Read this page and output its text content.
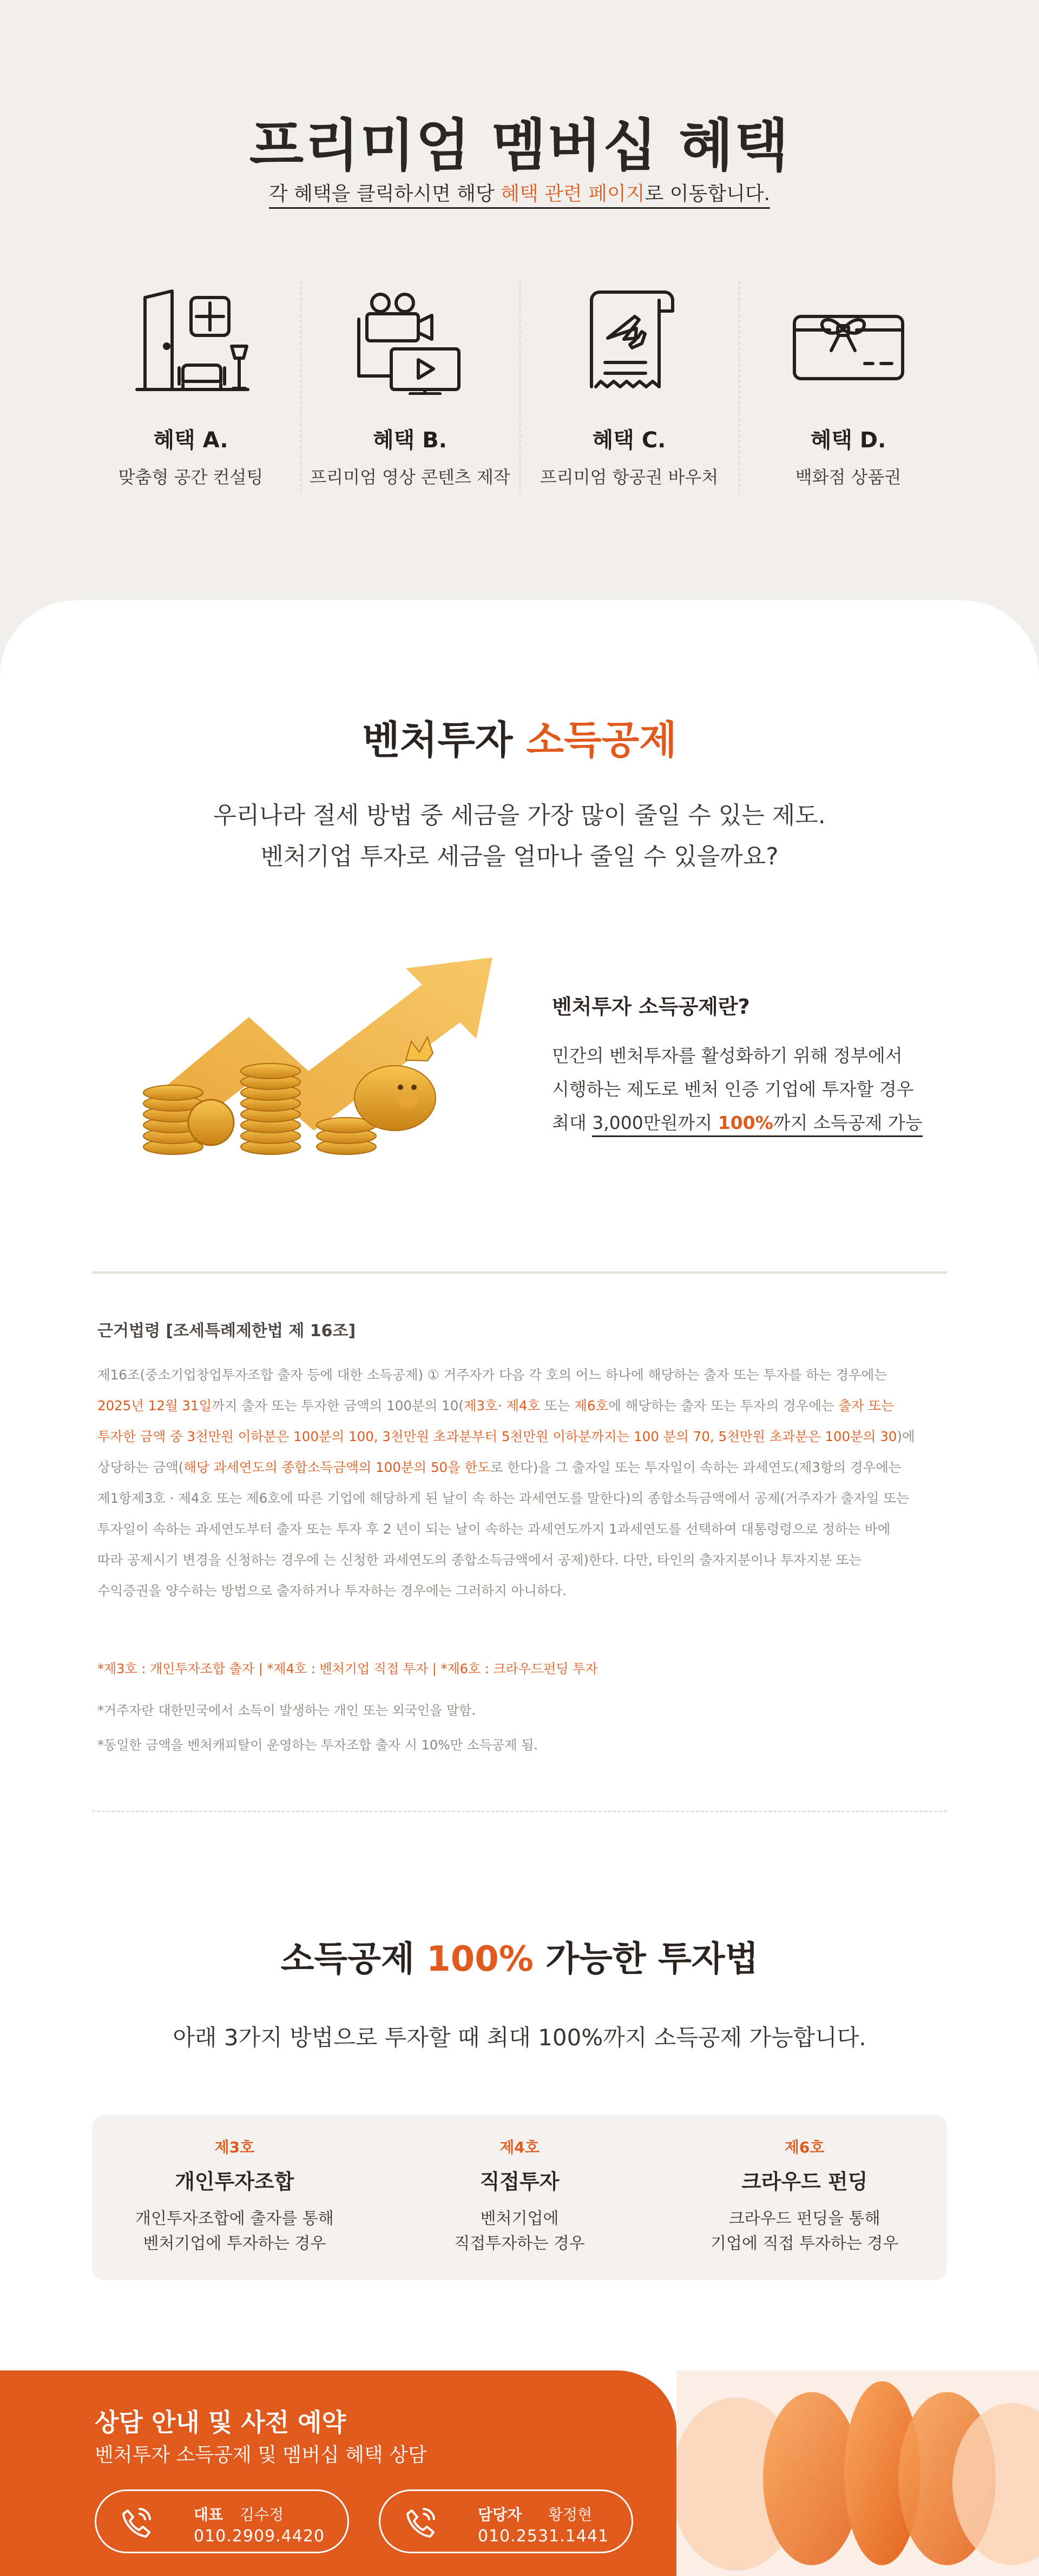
프리미엄 멤버십 혜택

각 혜택을 클릭하시면 해당 혜택 관련 페이지로 이동합니다.

혜택 A.
맞춤형 공간 컨설팅
혜택 B.
프리미엄 영상 콘텐츠 제작
혜택 C.
프리미엄 항공권 바우처
혜택 D.
백화점 상품권
벤처투자 소득공제
우리나라 절세 방법 중 세금을 가장 많이 줄일 수 있는 제도.
벤처기업 투자로 세금을 얼마나 줄일 수 있을까요?
벤처투자 소득공제란?
민간의 벤처투자를 활성화하기 위해 정부에서
시행하는 제도로 벤처 인증 기업에 투자할 경우
최대 3,000만원까지 100%까지 소득공제 가능
근거법령 [조세특례제한법 제 16조]
제16조(중소기업창업투자조합 출자 등에 대한 소득공제) ① 거주자가 다음 각 호의 어느 하나에 해당하는 출자 또는 투자를 하는 경우에는
2025년 12월 31일까지 출자 또는 투자한 금액의 100분의 10(제3호· 제4호 또는 제6호에 해당하는 출자 또는 투자의 경우에는 출자 또는
투자한 금액 중 3천만원 이하분은 100분의 100, 3천만원 초과분부터 5천만원 이하분까지는 100 분의 70, 5천만원 초과분은 100분의 30)에
상당하는 금액(해당 과세연도의 종합소득금액의 100분의 50을 한도로 한다)을 그 출자일 또는 투자일이 속하는 과세연도(제3항의 경우에는
제1항제3호 · 제4호 또는 제6호에 따른 기업에 해당하게 된 날이 속 하는 과세연도를 말한다)의 종합소득금액에서 공제(거주자가 출자일 또는
투자일이 속하는 과세연도부터 출자 또는 투자 후 2 년이 되는 날이 속하는 과세연도까지 1과세연도를 선택하여 대통령령으로 정하는 바에
따라 공제시기 변경을 신청하는 경우에 는 신청한 과세연도의 종합소득금액에서 공제)한다. 다만, 타인의 출자지분이나 투자지분 또는
수익증권을 양수하는 방법으로 출자하거나 투자하는 경우에는 그러하지 아니하다.
*제3호 : 개인투자조합 출자 | *제4호 : 벤처기업 직접 투자 | *제6호 : 크라우드펀딩 투자
*거주자란 대한민국에서 소득이 발생하는 개인 또는 외국인을 말함.
*동일한 금액을 벤처캐피탈이 운영하는 투자조합 출자 시 10%만 소득공제 됨.
소득공제 100% 가능한 투자법

아래 3가지 방법으로 투자할 때 최대 100%까지 소득공제 가능합니다.

제3호
개인투자조합
개인투자조합에 출자를 통해
벤처기업에 투자하는 경우
제4호
직접투자
벤처기업에
직접투자하는 경우
제6호
크라우드 펀딩
크라우드 펀딩을 통해
기업에 직접 투자하는 경우
상담 안내 및 사전 예약
벤처투자 소득공제 및 멤버십 혜택 상담
대표 김수정
010.2909.4420
담당자 황정현
010.2531.1441
